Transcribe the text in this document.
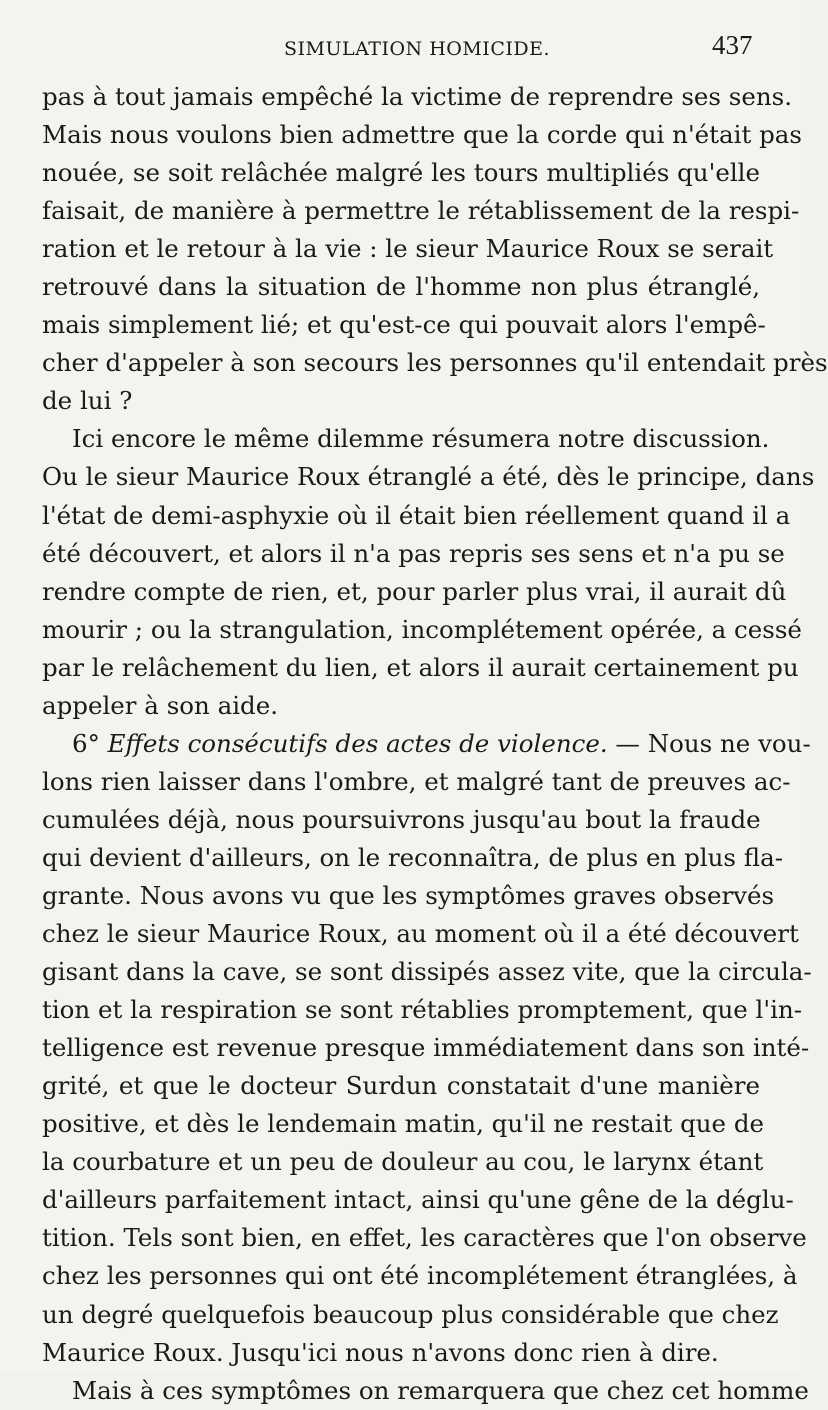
SIMULATION HOMICIDE.	437
pas à tout jamais empêché la victime de reprendre ses sens.
Mais nous voulons bien admettre que la corde qui n'était pas
nouée, se soit relâchée malgré les tours multipliés qu'elle
faisait, de manière à permettre le rétablissement de la respi-
ration et le retour à la vie : le sieur Maurice Roux se serait
retrouvé dans la situation de l'homme non plus étranglé,
mais simplement lié; et qu'est-ce qui pouvait alors l'empê-
cher d'appeler à son secours les personnes qu'il entendait près
de lui ?
Ici encore le même dilemme résumera notre discussion.
Ou le sieur Maurice Roux étranglé a été, dès le principe, dans
l'état de demi-asphyxie où il était bien réellement quand il a
été découvert, et alors il n'a pas repris ses sens et n'a pu se
rendre compte de rien, et, pour parler plus vrai, il aurait dû
mourir ; ou la strangulation, incomplétement opérée, a cessé
par le relâchement du lien, et alors il aurait certainement pu
appeler à son aide.
6° Effets consécutifs des actes de violence. — Nous ne vou-
lons rien laisser dans l'ombre, et malgré tant de preuves ac-
cumulées déjà, nous poursuivrons jusqu'au bout la fraude
qui devient d'ailleurs, on le reconnaîtra, de plus en plus fla-
grante. Nous avons vu que les symptômes graves observés
chez le sieur Maurice Roux, au moment où il a été découvert
gisant dans la cave, se sont dissipés assez vite, que la circula-
tion et la respiration se sont rétablies promptement, que l'in-
telligence est revenue presque immédiatement dans son inté-
grité, et que le docteur Surdun constatait d'une manière
positive, et dès le lendemain matin, qu'il ne restait que de
la courbature et un peu de douleur au cou, le larynx étant
d'ailleurs parfaitement intact, ainsi qu'une gêne de la déglu-
tition. Tels sont bien, en effet, les caractères que l'on observe
chez les personnes qui ont été incomplétement étranglées, à
un degré quelquefois beaucoup plus considérable que chez
Maurice Roux. Jusqu'ici nous n'avons donc rien à dire.
Mais à ces symptômes on remarquera que chez cet homme
